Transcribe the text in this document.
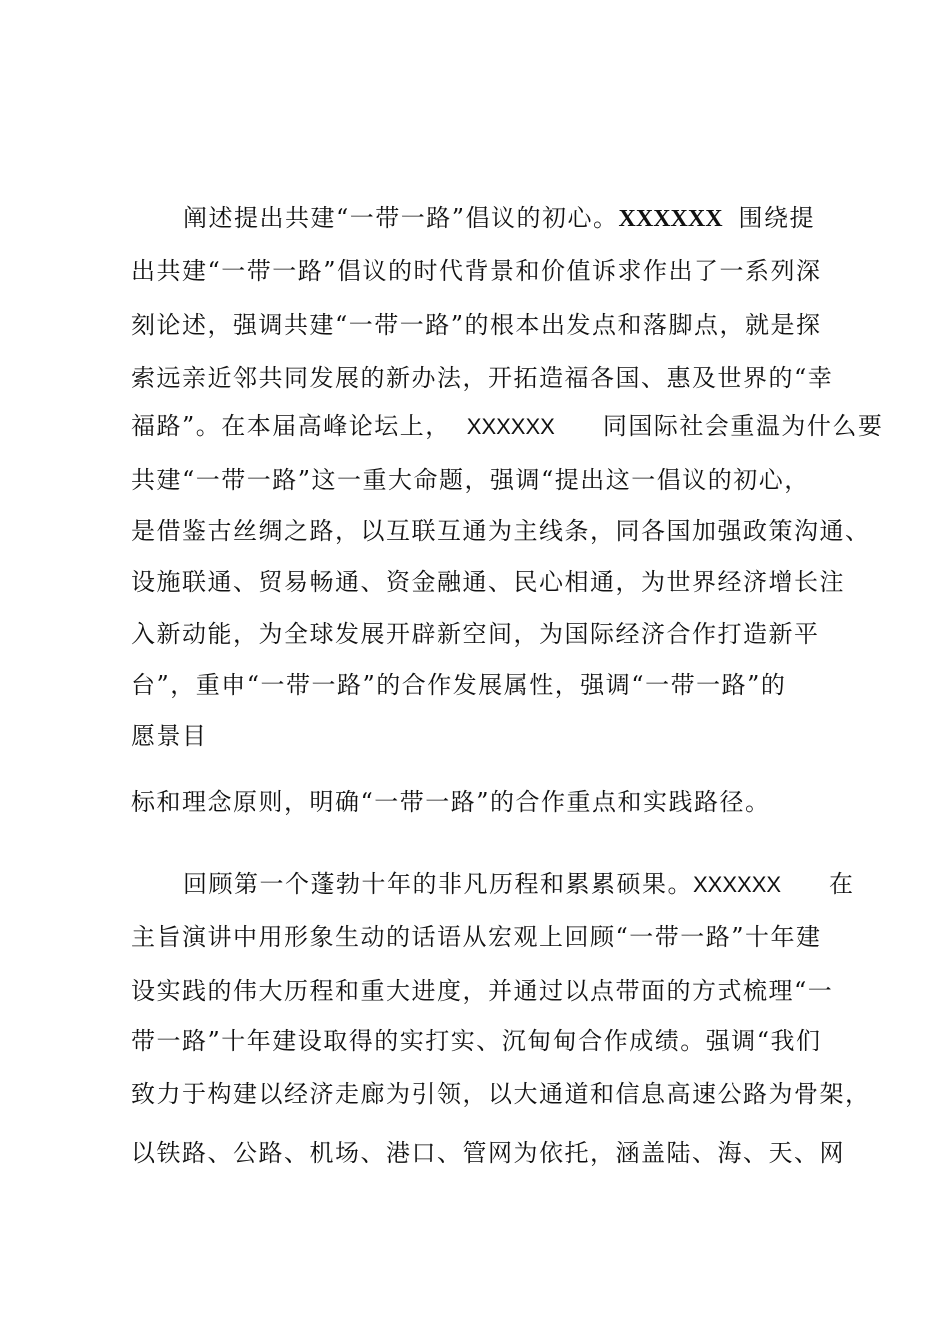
阐述提出共建“一带一路”倡议的初心。XXXXXX 围绕提
出共建“一带一路”倡议的时代背景和价值诉求作出了一系列深
刻论述，强调共建“一带一路”的根本出发点和落脚点，就是探
索远亲近邻共同发展的新办法，开拓造福各国、惠及世界的“幸
福路”。在本届高峰论坛上， XXXXXX 同国际社会重温为什么要
共建“一带一路”这一重大命题，强调“提出这一倡议的初心，
是借鉴古丝绸之路，以互联互通为主线条，同各国加强政策沟通、
设施联通、贸易畅通、资金融通、民心相通，为世界经济增长注
入新动能，为全球发展开辟新空间，为国际经济合作打造新平
台”，重申“一带一路”的合作发展属性，强调“一带一路”的
愿景目
标和理念原则，明确“一带一路”的合作重点和实践路径。
回顾第一个蓬勃十年的非凡历程和累累硕果。XXXXXX 在
主旨演讲中用形象生动的话语从宏观上回顾“一带一路”十年建
设实践的伟大历程和重大进度，并通过以点带面的方式梳理“一
带一路”十年建设取得的实打实、沉甸甸合作成绩。强调“我们
致力于构建以经济走廊为引领，以大通道和信息高速公路为骨架，
以铁路、公路、机场、港口、管网为依托，涵盖陆、海、天、网
